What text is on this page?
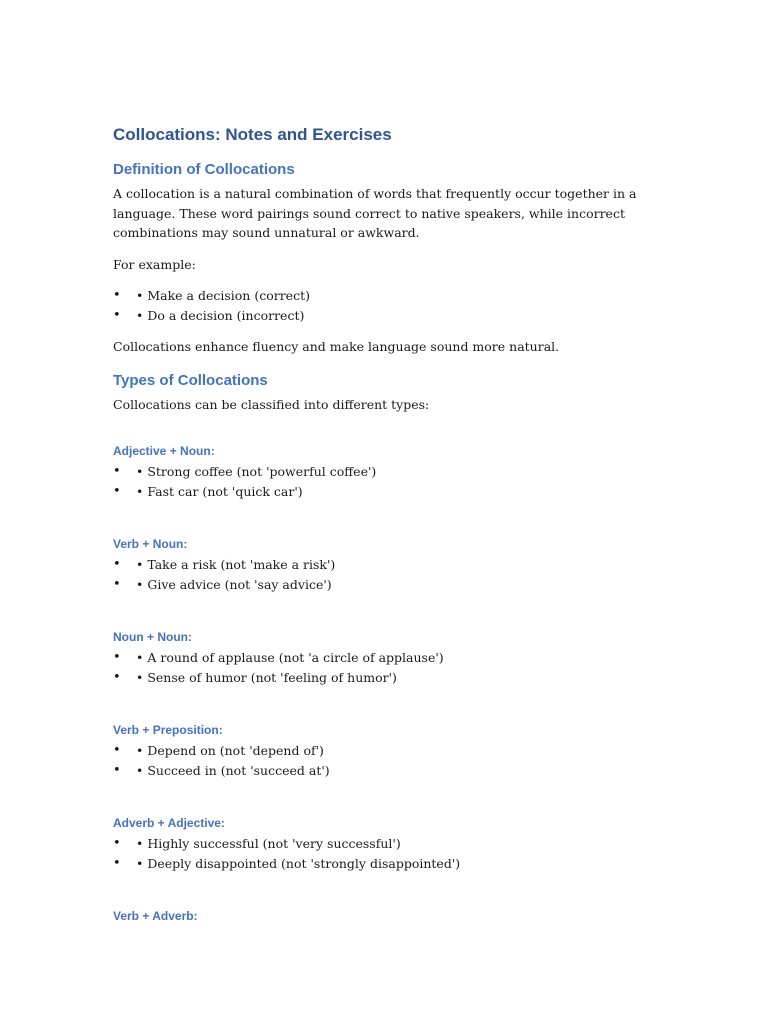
Collocations: Notes and Exercises
Definition of Collocations

A collocation is a natural combination of words that frequently occur together in a language. These word pairings sound correct to native speakers, while incorrect combinations may sound unnatural or awkward.

For example:

• • Make a decision (correct)
• • Do a decision (incorrect)

Collocations enhance fluency and make language sound more natural.

Types of Collocations

Collocations can be classified into different types:

Adjective + Noun:
• • Strong coffee (not 'powerful coffee')
• • Fast car (not 'quick car')
Verb + Noun:
• • Take a risk (not 'make a risk')
• • Give advice (not 'say advice')
Noun + Noun:
• • A round of applause (not 'a circle of applause')
• • Sense of humor (not 'feeling of humor')
Verb + Preposition:
• • Depend on (not 'depend of')
• • Succeed in (not 'succeed at')
Adverb + Adjective:
• • Highly successful (not 'very successful')
• • Deeply disappointed (not 'strongly disappointed')
Verb + Adverb:
